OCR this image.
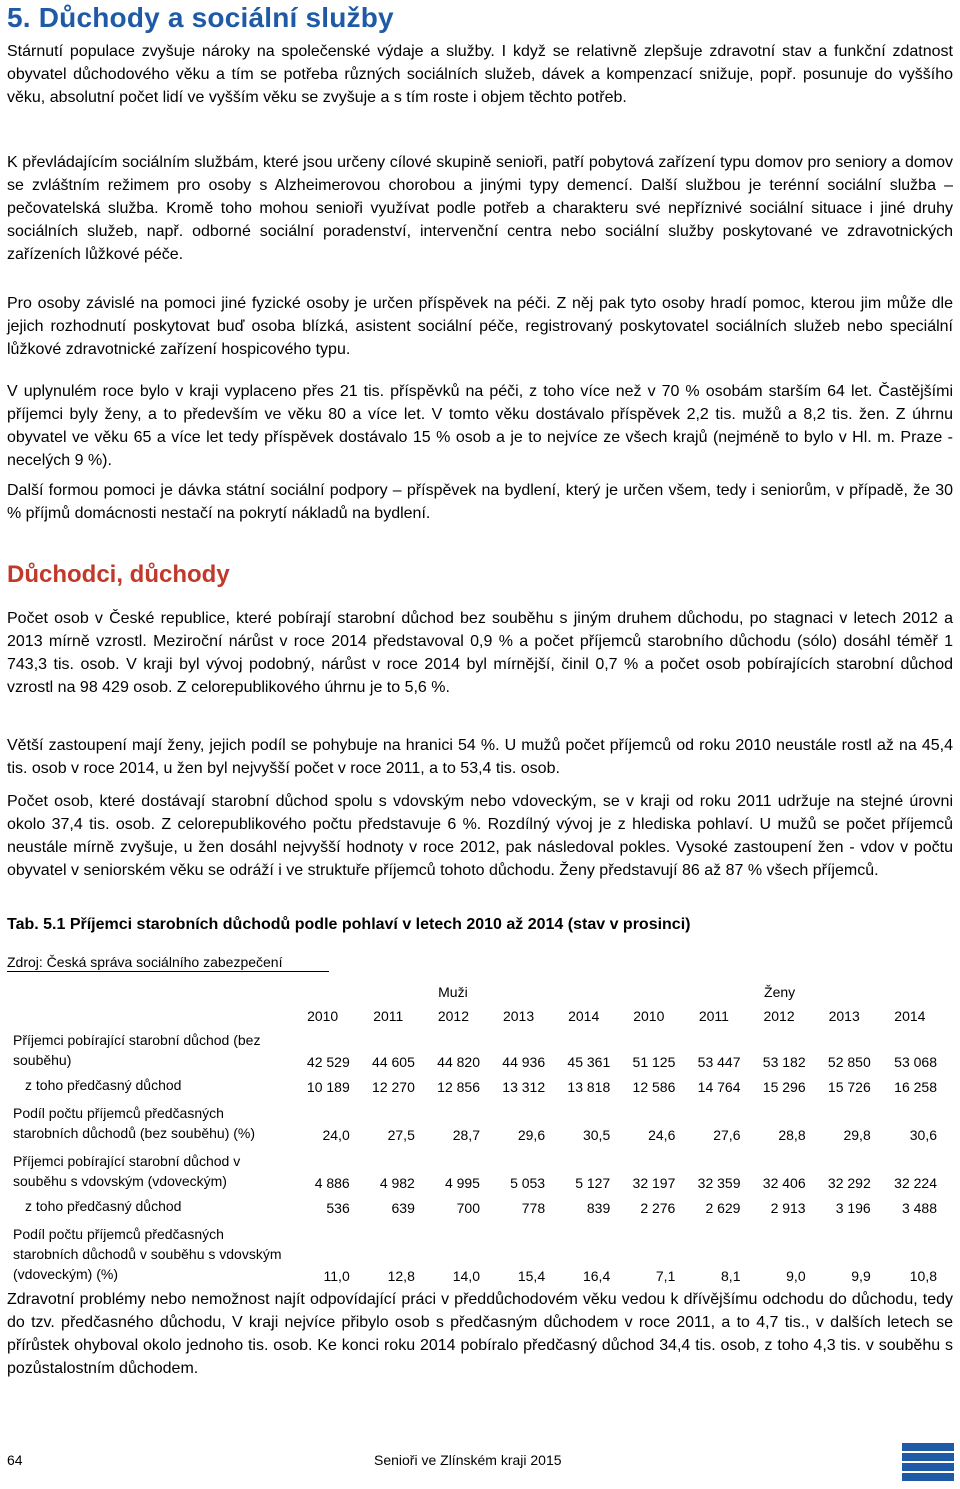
5. Důchody a sociální služby

Stárnutí populace zvyšuje nároky na společenské výdaje a služby. I když se relativně zlepšuje zdravotní stav a funkční zdatnost obyvatel důchodového věku a tím se potřeba různých sociálních služeb, dávek a kompenzací snižuje, popř. posunuje do vyššího věku, absolutní počet lidí ve vyšším věku se zvyšuje a s tím roste i objem těchto potřeb.

K převládajícím sociálním službám, které jsou určeny cílové skupině senioři, patří pobytová zařízení typu domov pro seniory a domov se zvláštním režimem pro osoby s Alzheimerovou chorobou a jinými typy demencí. Další službou je terénní sociální služba – pečovatelská služba. Kromě toho mohou senioři využívat podle potřeb a charakteru své nepříznivé sociální situace i jiné druhy sociálních služeb, např. odborné sociální poradenství, intervenční centra nebo sociální služby poskytované ve zdravotnických zařízeních lůžkové péče.

Pro osoby závislé na pomoci jiné fyzické osoby je určen příspěvek na péči. Z něj pak tyto osoby hradí pomoc, kterou jim může dle jejich rozhodnutí poskytovat buď osoba blízká, asistent sociální péče, registrovaný poskytovatel sociálních služeb nebo speciální lůžkové zdravotnické zařízení hospicového typu.

V uplynulém roce bylo v kraji vyplaceno přes 21 tis. příspěvků na péči, z toho více než v 70 % osobám starším 64 let. Častějšími příjemci byly ženy, a to především ve věku 80 a více let. V tomto věku dostávalo příspěvek 2,2 tis. mužů a 8,2 tis. žen. Z úhrnu obyvatel ve věku 65 a více let tedy příspěvek dostávalo 15 % osob a je to nejvíce ze všech krajů (nejméně to bylo v Hl. m. Praze - necelých 9 %).

Další formou pomoci je dávka státní sociální podpory – příspěvek na bydlení, který je určen všem, tedy i seniorům, v případě, že 30 % příjmů domácnosti nestačí na pokrytí nákladů na bydlení.

Důchodci, důchody

Počet osob v České republice, které pobírají starobní důchod bez souběhu s jiným druhem důchodu, po stagnaci v letech 2012 a 2013 mírně vzrostl. Meziroční nárůst v roce 2014 představoval 0,9 % a počet příjemců starobního důchodu (sólo) dosáhl téměř 1 743,3 tis. osob. V kraji byl vývoj podobný, nárůst v roce 2014 byl mírnější, činil 0,7 % a počet osob pobírajících starobní důchod vzrostl na 98 429 osob. Z celorepublikového úhrnu je to 5,6 %.

Větší zastoupení mají ženy, jejich podíl se pohybuje na hranici 54 %. U mužů počet příjemců od roku 2010 neustále rostl až na 45,4 tis. osob v roce 2014, u žen byl nejvyšší počet v roce 2011, a to 53,4 tis. osob.

Počet osob, které dostávají starobní důchod spolu s vdovským nebo vdoveckým, se v kraji od roku 2011 udržuje na stejné úrovni okolo 37,4 tis. osob. Z celorepublikového počtu představuje 6 %. Rozdílný vývoj je z hlediska pohlaví. U mužů se počet příjemců neustále mírně zvyšuje, u žen dosáhl nejvyšší hodnoty v roce 2012, pak následoval pokles. Vysoké zastoupení žen - vdov v počtu obyvatel v seniorském věku se odráží i ve struktuře příjemců tohoto důchodu. Ženy představují 86 až 87 % všech příjemců.

Tab. 5.1 Příjemci starobních důchodů podle pohlaví v letech 2010 až 2014 (stav v prosinci)
Zdroj: Česká správa sociálního zabezpečení
	Muži					Ženy				
	2010	2011	2012	2013	2014	2010	2011	2012	2013	2014
Příjemci pobírající starobní důchod (bez souběhu)	42 529	44 605	44 820	44 936	45 361	51 125	53 447	53 182	52 850	53 068
z toho předčasný důchod	10 189	12 270	12 856	13 312	13 818	12 586	14 764	15 296	15 726	16 258
Podíl počtu příjemců předčasných starobních důchodů (bez souběhu) (%)	24,0	27,5	28,7	29,6	30,5	24,6	27,6	28,8	29,8	30,6
Příjemci pobírající starobní důchod v souběhu s vdovským (vdoveckým)	4 886	4 982	4 995	5 053	5 127	32 197	32 359	32 406	32 292	32 224
z toho předčasný důchod	536	639	700	778	839	2 276	2 629	2 913	3 196	3 488
Podíl počtu příjemců předčasných starobních důchodů v souběhu s vdovským (vdoveckým) (%)	11,0	12,8	14,0	15,4	16,4	7,1	8,1	9,0	9,9	10,8

Zdravotní problémy nebo nemožnost najít odpovídající práci v předdůchodovém věku vedou k dřívějšímu odchodu do důchodu, tedy do tzv. předčasného důchodu, V kraji nejvíce přibylo osob s předčasným důchodem v roce 2011, a to 4,7 tis., v dalších letech se přírůstek ohyboval okolo jednoho tis. osob. Ke konci roku 2014 pobíralo předčasný důchod 34,4 tis. osob, z toho 4,3 tis. v souběhu s pozůstalostním důchodem.

64	Senioři ve Zlínském kraji 2015
